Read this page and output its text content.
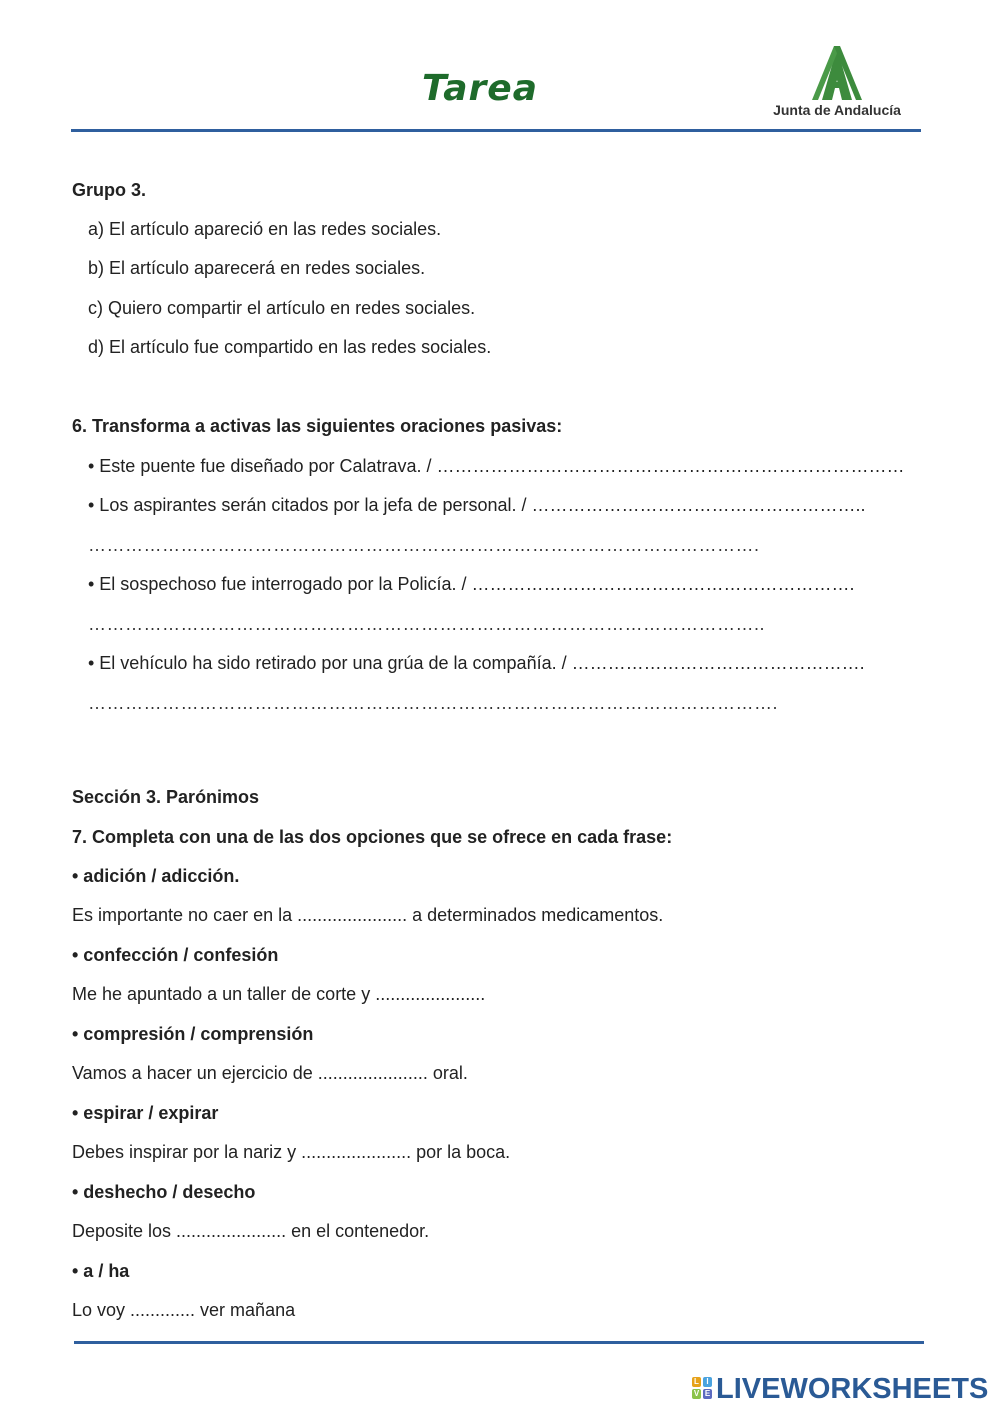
Tarea
Junta de Andalucía
Grupo 3.
a) El artículo apareció en las redes sociales.
b) El artículo aparecerá en redes sociales.
c) Quiero compartir el artículo en redes sociales.
d) El artículo fue compartido en las redes sociales.
6. Transforma a activas las siguientes oraciones pasivas:
• Este puente fue diseñado por Calatrava. / ……………………………………………………………………
• Los aspirantes serán citados por la jefa de personal. / ………………………………………………..
……………………………………………………………………………………………….
• El sospechoso fue interrogado por la Policía. / ……………………………………………………….
………………………………………………………………………………………………..
• El vehículo ha sido retirado por una grúa de la compañía. / ………………………………………….
………………………………………………………………………………………………….
Sección 3. Parónimos
7. Completa con una de las dos opciones que se ofrece en cada frase:
• adición / adicción.
Es importante no caer en la ...................... a determinados medicamentos.
• confección / confesión
Me he apuntado a un taller de corte y ......................
• compresión / comprensión
Vamos a hacer un ejercicio de ...................... oral.
• espirar / expirar
Debes inspirar por la nariz y ...................... por la boca.
• deshecho / desecho
Deposite los ...................... en el contenedor.
• a / ha
Lo voy ............. ver mañana
L I
V E LIVEWORKSHEETS
